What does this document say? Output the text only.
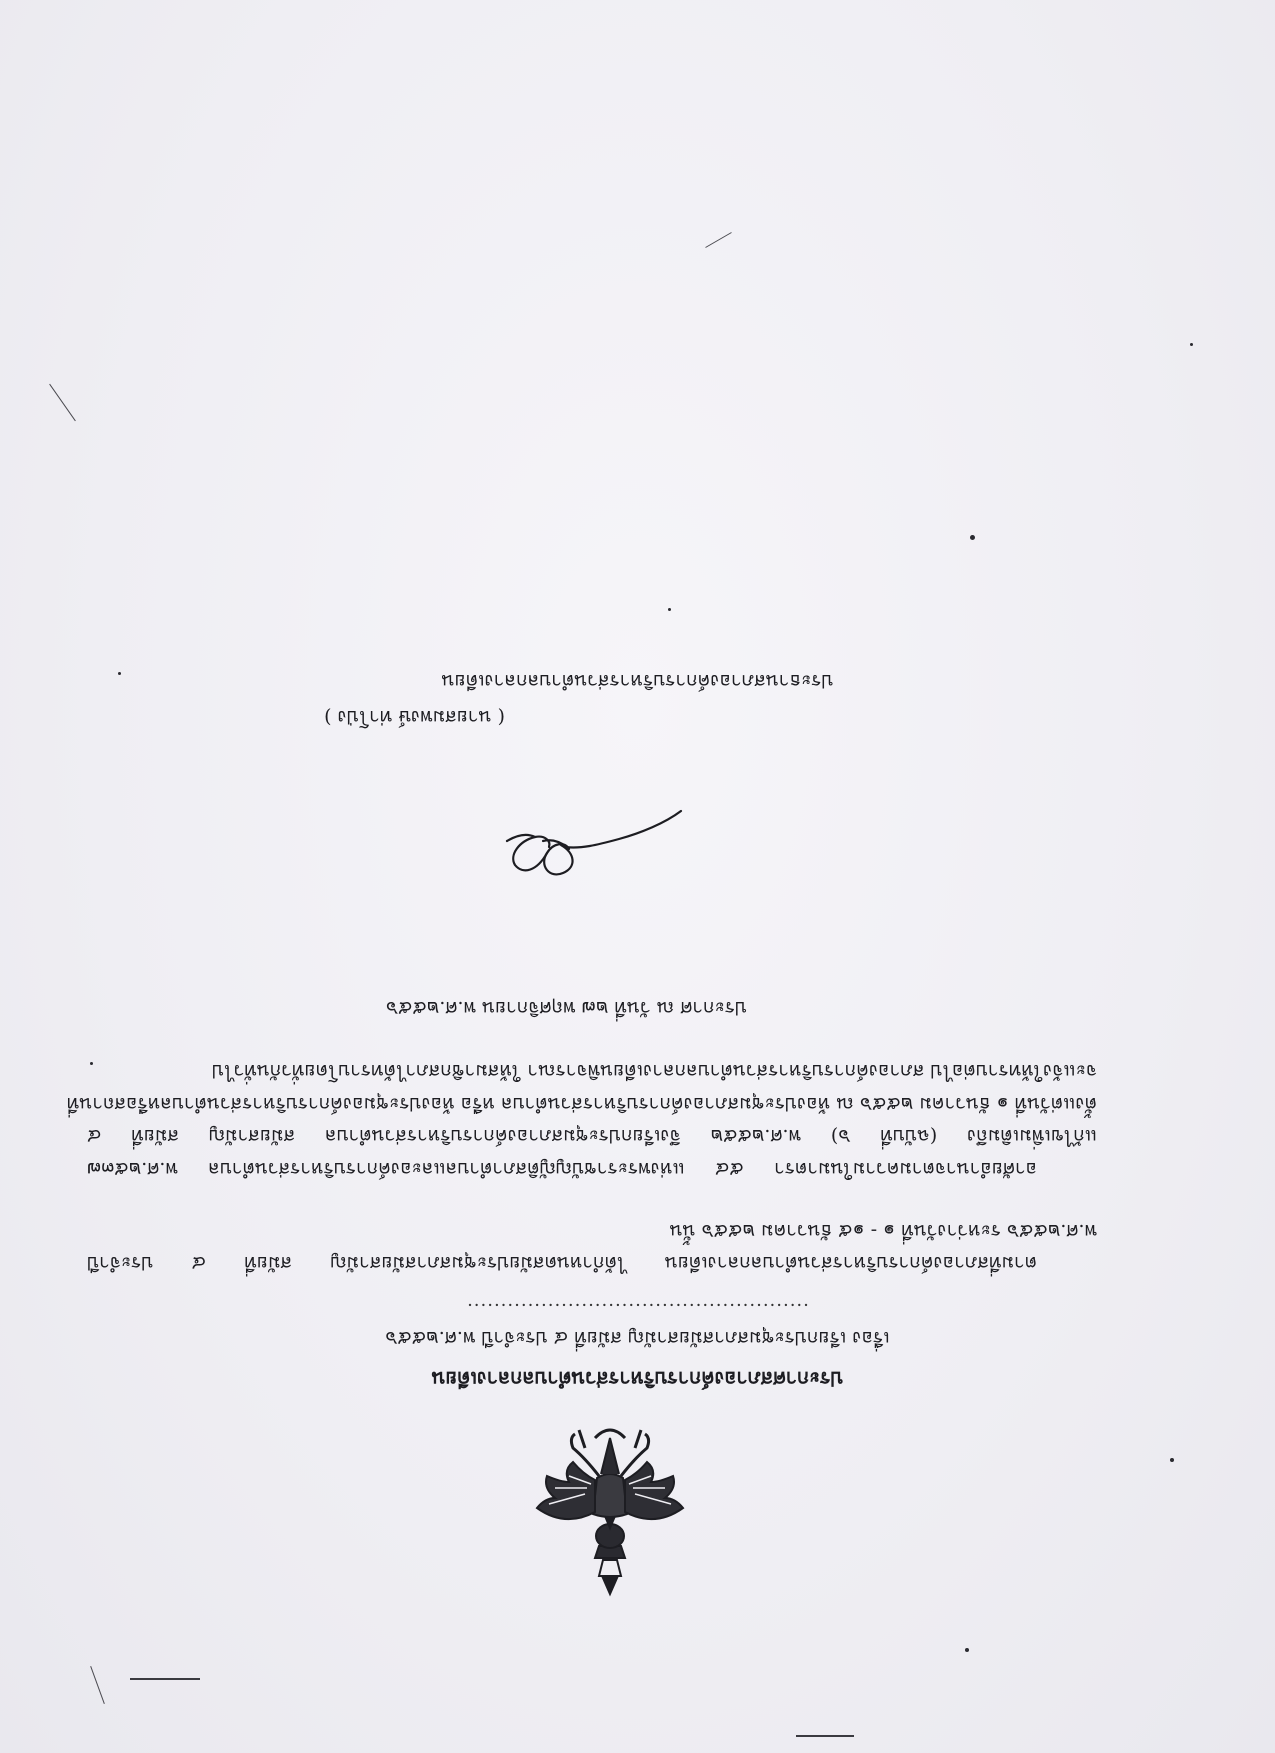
ประกาศสภาองค์การบริหารส่วนตำบลกลางเดียน
เรื่อง เรียกประชุมสภาสมัยสามัญ สมัยที่ ๔ ประจำปี พ.ศ.๒๕๕๖
...................................................
ตามที่สภาองค์การบริหารส่วนตำบลกลางเดียน ได้กำหนดสมัยประชุมสภาสมัยสามัญ สมัยที่ ๔ ประจำปี
พ.ศ.๒๕๕๖ ระหว่างวันที่ ๑ - ๑๕ ธันวาคม ๒๕๕๖ นั้น
อาศัยอำนาจตามความในมาตรา ๕๔ แห่งพระราชบัญญัติสภาตำบลและองค์การบริหารส่วนตำบล พ.ศ.๒๕๓๗
แก้ไขเพิ่มเติมถึง (ฉบับที่ ๖) พ.ศ.๒๕๕๒ จึงเรียกประชุมสภาองค์การบริหารส่วนตำบล สมัยสามัญ สมัยที่ ๔
ตั้งแต่วันที่ ๑ ธันวาคม ๒๕๕๖ ณ ห้องประชุมสภาองค์การบริหารส่วนตำบล หรือ ห้องประชุมองค์การบริหารส่วนตำบลหรือสถานที่
จะแจ้งให้ทราบต่อไป สภาองค์การบริหารส่วนตำบลกลางเดียนพิจารณา ให้สมาชิกสภาได้ทราบโดยทั่วกันทั่วไป
ประกาศ ณ วันที่ ๒๗ พฤศจิกายน พ.ศ.๒๕๕๖
( นายสมพงษ์ ท่าโป่ง )
ประธานสภาองค์การบริหารส่วนตำบลกลางเดียน
